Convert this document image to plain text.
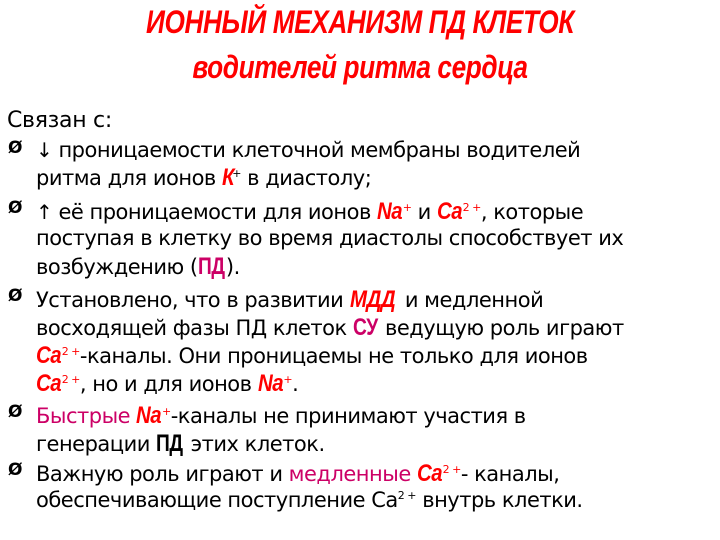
ИОННЫЙ МЕХАНИЗМ ПД КЛЕТОК
водителей ритма сердца
Связан с:
Ø ↓ проницаемости клеточной мембраны водителей
ритма для ионов К+ в диастолу;
Ø ↑ её проницаемости для ионов Na+ и $Ca^{2 +}$, которые
поступая в клетку во время диастолы способствует их
возбуждению (ПД).
Ø Установлено, что в развитии МДД и медленной
восходящей фазы ПД клеток СУ ведущую роль играют
$Ca^{2 +}$-каналы. Они проницаемы не только для ионов
$Ca^{2 +}$, но и для ионов Na+.
Ø Быстрые Na+-каналы не принимают участия в
генерации ПД этих клеток.
Ø Важную роль играют и медленные $Ca^{2 +}-$ каналы,
обеспечивающие поступление $Са^{2 +}$ внутрь клетки.
